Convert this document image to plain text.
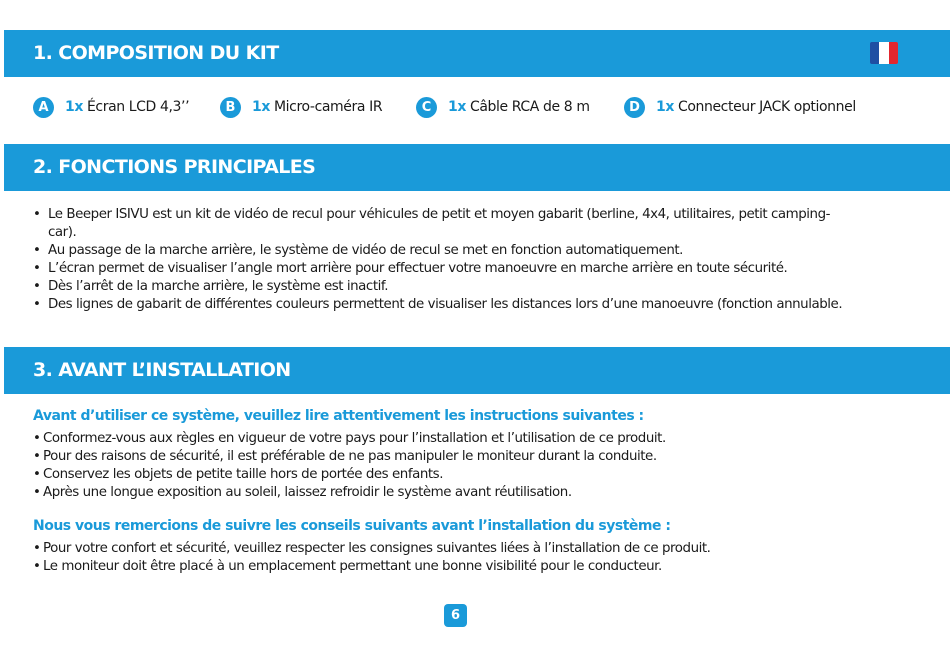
1. COMPOSITION DU KIT
A	1x Écran LCD 4,3’’	B	1x Micro-caméra IR	C	1x Câble RCA de 8 m	D	1x Connecteur JACK optionnel
2. FONCTIONS PRINCIPALES
• Le Beeper ISIVU est un kit de vidéo de recul pour véhicules de petit et moyen gabarit (berline, 4x4, utilitaires, petit camping-car).
• Au passage de la marche arrière, le système de vidéo de recul se met en fonction automatiquement.
• L’écran permet de visualiser l’angle mort arrière pour effectuer votre manoeuvre en marche arrière en toute sécurité.
• Dès l’arrêt de la marche arrière, le système est inactif.
• Des lignes de gabarit de différentes couleurs permettent de visualiser les distances lors d’une manoeuvre (fonction annulable.
3. AVANT L’INSTALLATION
Avant d’utiliser ce système, veuillez lire attentivement les instructions suivantes :
• Conformez-vous aux règles en vigueur de votre pays pour l’installation et l’utilisation de ce produit.
• Pour des raisons de sécurité, il est préférable de ne pas manipuler le moniteur durant la conduite.
• Conservez les objets de petite taille hors de portée des enfants.
• Après une longue exposition au soleil, laissez refroidir le système avant réutilisation.
Nous vous remercions de suivre les conseils suivants avant l’installation du système :
• Pour votre confort et sécurité, veuillez respecter les consignes suivantes liées à l’installation de ce produit.
• Le moniteur doit être placé à un emplacement permettant une bonne visibilité pour le conducteur.
6
